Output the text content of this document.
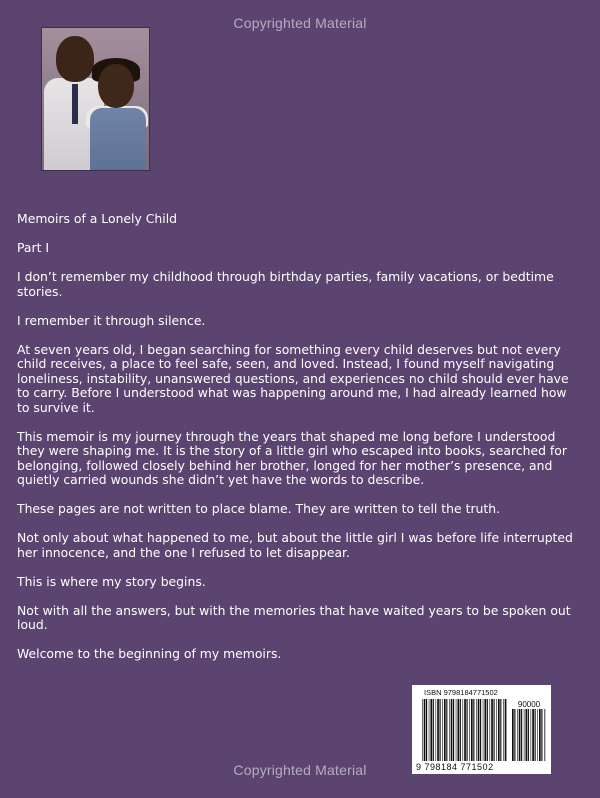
Copyrighted Material

Memoirs of a Lonely Child

Part I

I don’t remember my childhood through birthday parties, family vacations, or bedtime stories.

I remember it through silence.

At seven years old, I began searching for something every child deserves but not every child receives, a place to feel safe, seen, and loved. Instead, I found myself navigating loneliness, instability, unanswered questions, and experiences no child should ever have to carry. Before I understood what was happening around me, I had already learned how to survive it.

This memoir is my journey through the years that shaped me long before I understood they were shaping me. It is the story of a little girl who escaped into books, searched for belonging, followed closely behind her brother, longed for her mother’s presence, and quietly carried wounds she didn’t yet have the words to describe.

These pages are not written to place blame. They are written to tell the truth.

Not only about what happened to me, but about the little girl I was before life interrupted her innocence, and the one I refused to let disappear.

This is where my story begins.

Not with all the answers, but with the memories that have waited years to be spoken out loud.

Welcome to the beginning of my memoirs.

ISBN 9798184771502
90000
9 798184 771502
Copyrighted Material
